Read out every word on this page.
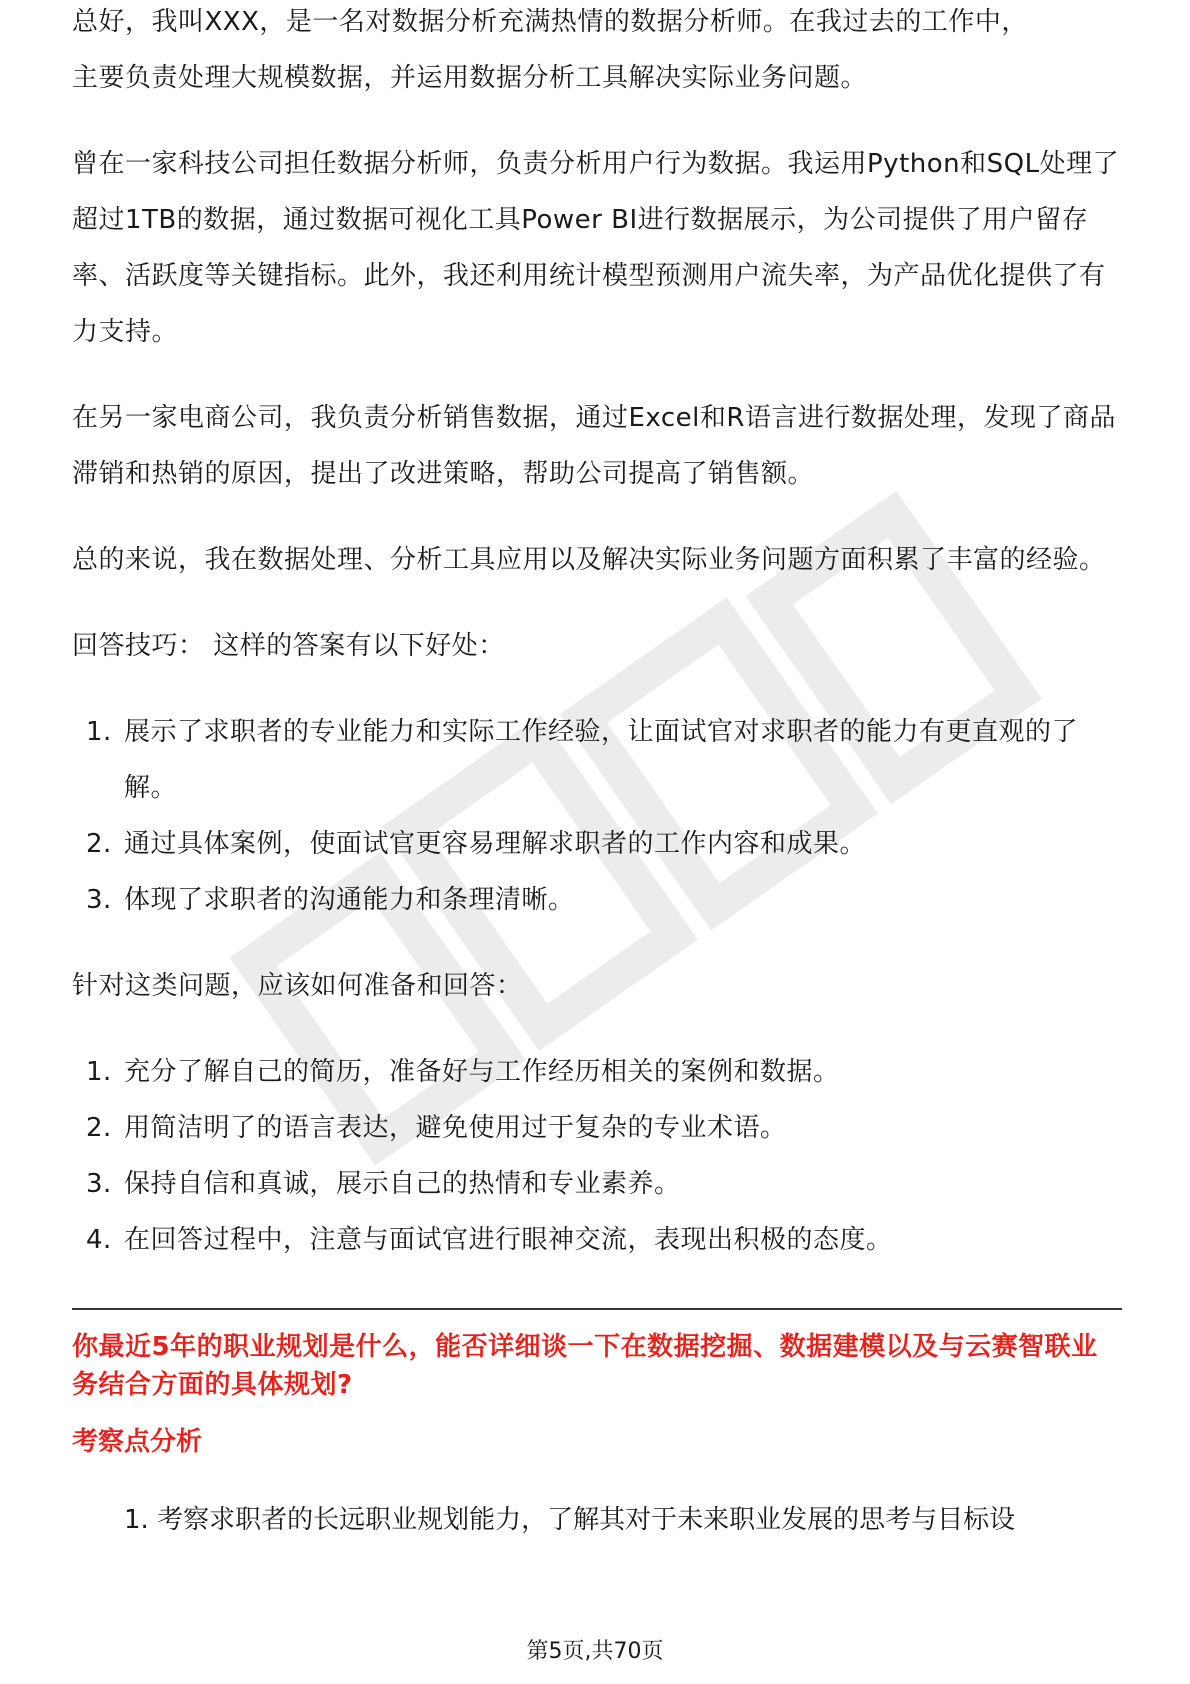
总好，我叫XXX，是一名对数据分析充满热情的数据分析师。在我过去的工作中，
主要负责处理大规模数据，并运用数据分析工具解决实际业务问题。

曾在一家科技公司担任数据分析师，负责分析用户行为数据。我运用Python和SQL处理了超过1TB的数据，通过数据可视化工具Power BI进行数据展示，为公司提供了用户留存率、活跃度等关键指标。此外，我还利用统计模型预测用户流失率，为产品优化提供了有力支持。

在另一家电商公司，我负责分析销售数据，通过Excel和R语言进行数据处理，发现了商品滞销和热销的原因，提出了改进策略，帮助公司提高了销售额。

总的来说，我在数据处理、分析工具应用以及解决实际业务问题方面积累了丰富的经验。

回答技巧： 这样的答案有以下好处：

1. 展示了求职者的专业能力和实际工作经验，让面试官对求职者的能力有更直观的了解。
2. 通过具体案例，使面试官更容易理解求职者的工作内容和成果。
3. 体现了求职者的沟通能力和条理清晰。

针对这类问题，应该如何准备和回答：

1. 充分了解自己的简历，准备好与工作经历相关的案例和数据。
2. 用简洁明了的语言表达，避免使用过于复杂的专业术语。
3. 保持自信和真诚，展示自己的热情和专业素养。
4. 在回答过程中，注意与面试官进行眼神交流，表现出积极的态度。
你最近5年的职业规划是什么，能否详细谈一下在数据挖掘、数据建模以及与云赛智联业务结合方面的具体规划?
考察点分析
1. 考察求职者的长远职业规划能力，了解其对于未来职业发展的思考与目标设
第5页,共70页
